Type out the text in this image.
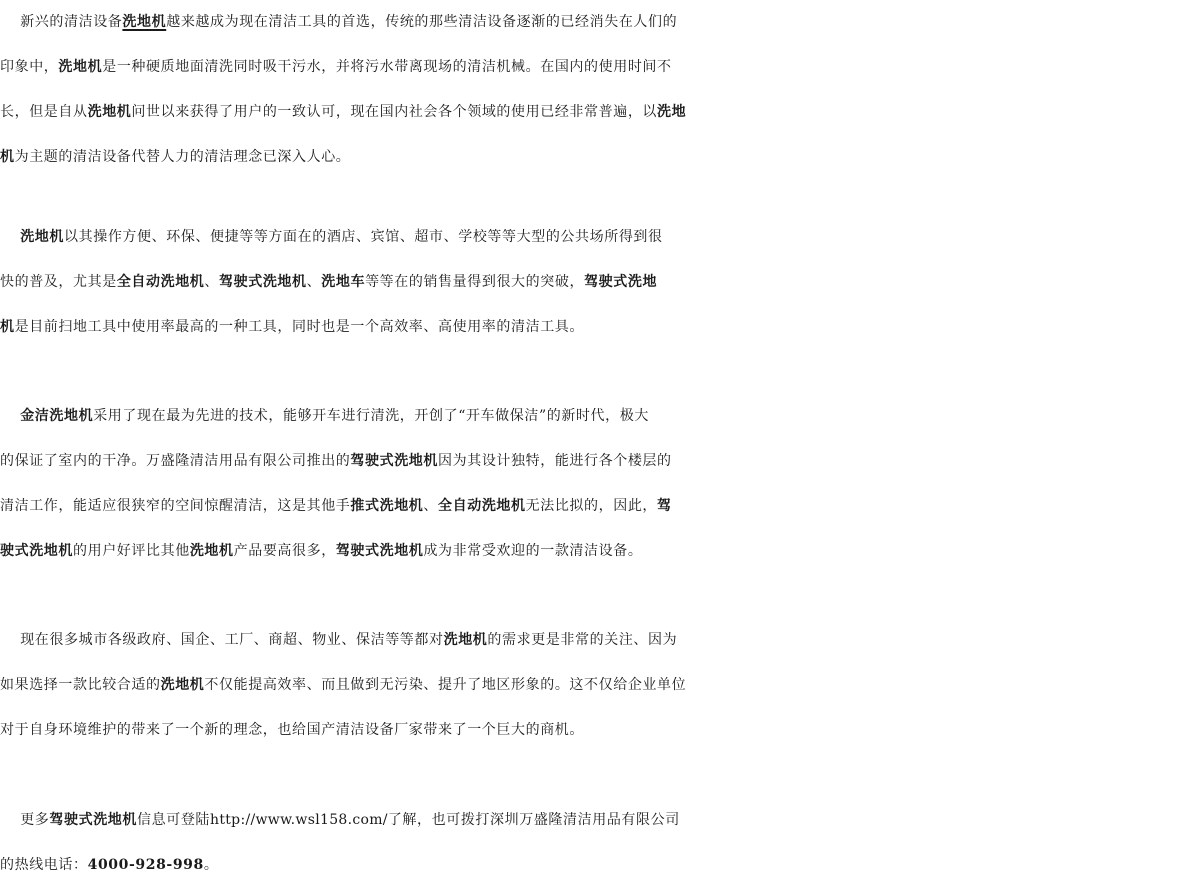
新兴的清洁设备洗地机越来越成为现在清洁工具的首选，传统的那些清洁设备逐渐的已经消失在人们的
印象中，洗地机是一种硬质地面清洗同时吸干污水，并将污水带离现场的清洁机械。在国内的使用时间不
长，但是自从洗地机问世以来获得了用户的一致认可，现在国内社会各个领域的使用已经非常普遍，以洗地
机为主题的清洁设备代替人力的清洁理念已深入人心。
洗地机以其操作方便、环保、便捷等等方面在的酒店、宾馆、超市、学校等等大型的公共场所得到很
快的普及，尤其是全自动洗地机、驾驶式洗地机、洗地车等等在的销售量得到很大的突破，驾驶式洗地
机是目前扫地工具中使用率最高的一种工具，同时也是一个高效率、高使用率的清洁工具。
金洁洗地机采用了现在最为先进的技术，能够开车进行清洗，开创了“开车做保洁”的新时代，极大
的保证了室内的干净。万盛隆清洁用品有限公司推出的驾驶式洗地机因为其设计独特，能进行各个楼层的
清洁工作，能适应很狭窄的空间惊醒清洁，这是其他手推式洗地机、全自动洗地机无法比拟的，因此，驾
驶式洗地机的用户好评比其他洗地机产品要高很多，驾驶式洗地机成为非常受欢迎的一款清洁设备。
现在很多城市各级政府、国企、工厂、商超、物业、保洁等等都对洗地机的需求更是非常的关注、因为
如果选择一款比较合适的洗地机不仅能提高效率、而且做到无污染、提升了地区形象的。这不仅给企业单位
对于自身环境维护的带来了一个新的理念，也给国产清洁设备厂家带来了一个巨大的商机。
更多驾驶式洗地机信息可登陆http://www.wsl158.com/了解，也可拨打深圳万盛隆清洁用品有限公司
的热线电话：4000-928-998。
